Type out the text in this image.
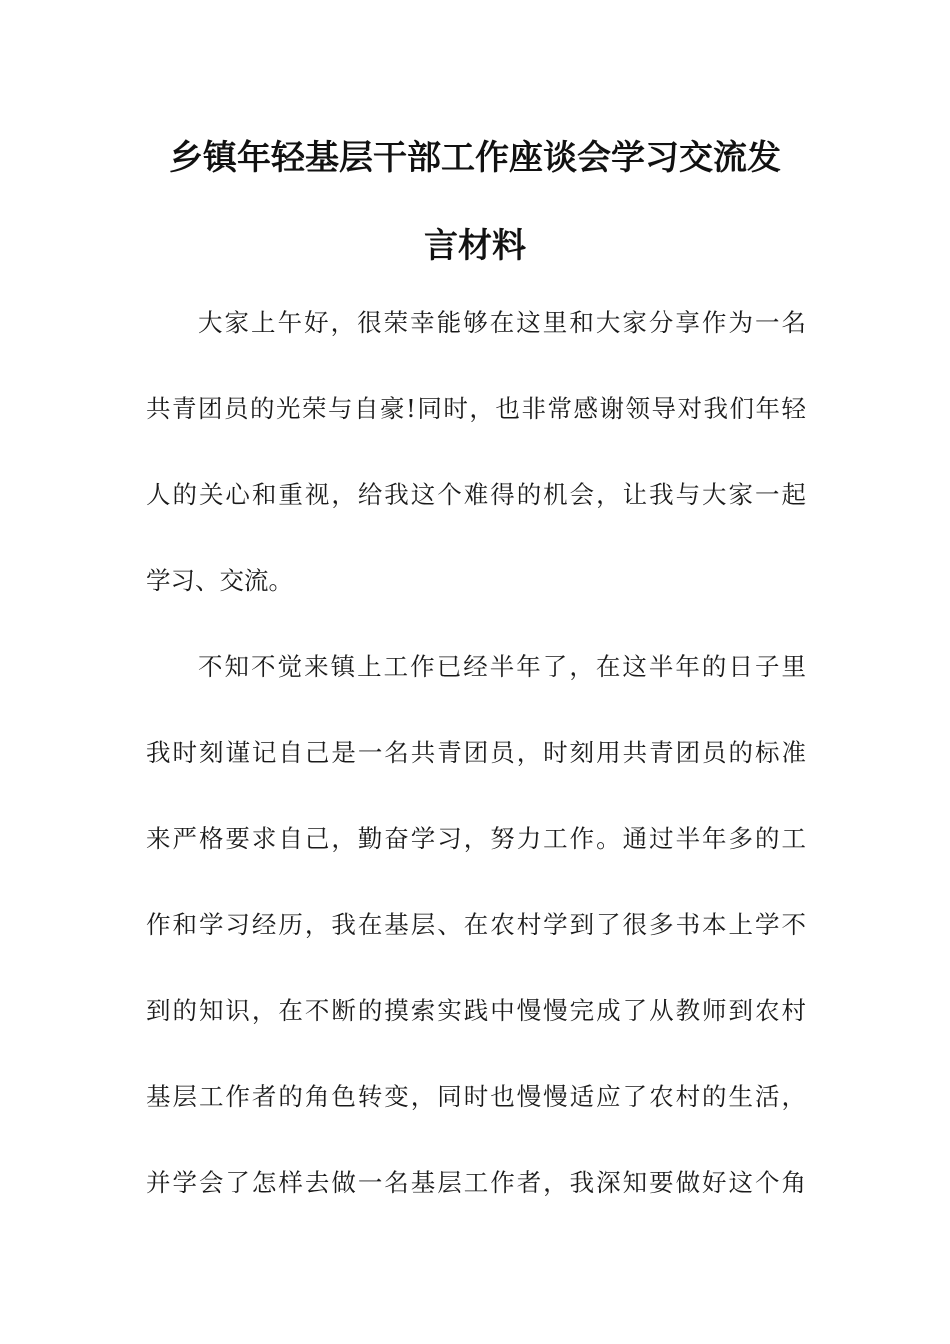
乡镇年轻基层干部工作座谈会学习交流发
言材料
大家上午好，很荣幸能够在这里和大家分享作为一名
共青团员的光荣与自豪!同时，也非常感谢领导对我们年轻
人的关心和重视，给我这个难得的机会，让我与大家一起
学习、交流。
不知不觉来镇上工作已经半年了，在这半年的日子里
我时刻谨记自己是一名共青团员，时刻用共青团员的标准
来严格要求自己，勤奋学习，努力工作。通过半年多的工
作和学习经历，我在基层、在农村学到了很多书本上学不
到的知识，在不断的摸索实践中慢慢完成了从教师到农村
基层工作者的角色转变，同时也慢慢适应了农村的生活，
并学会了怎样去做一名基层工作者，我深知要做好这个角
